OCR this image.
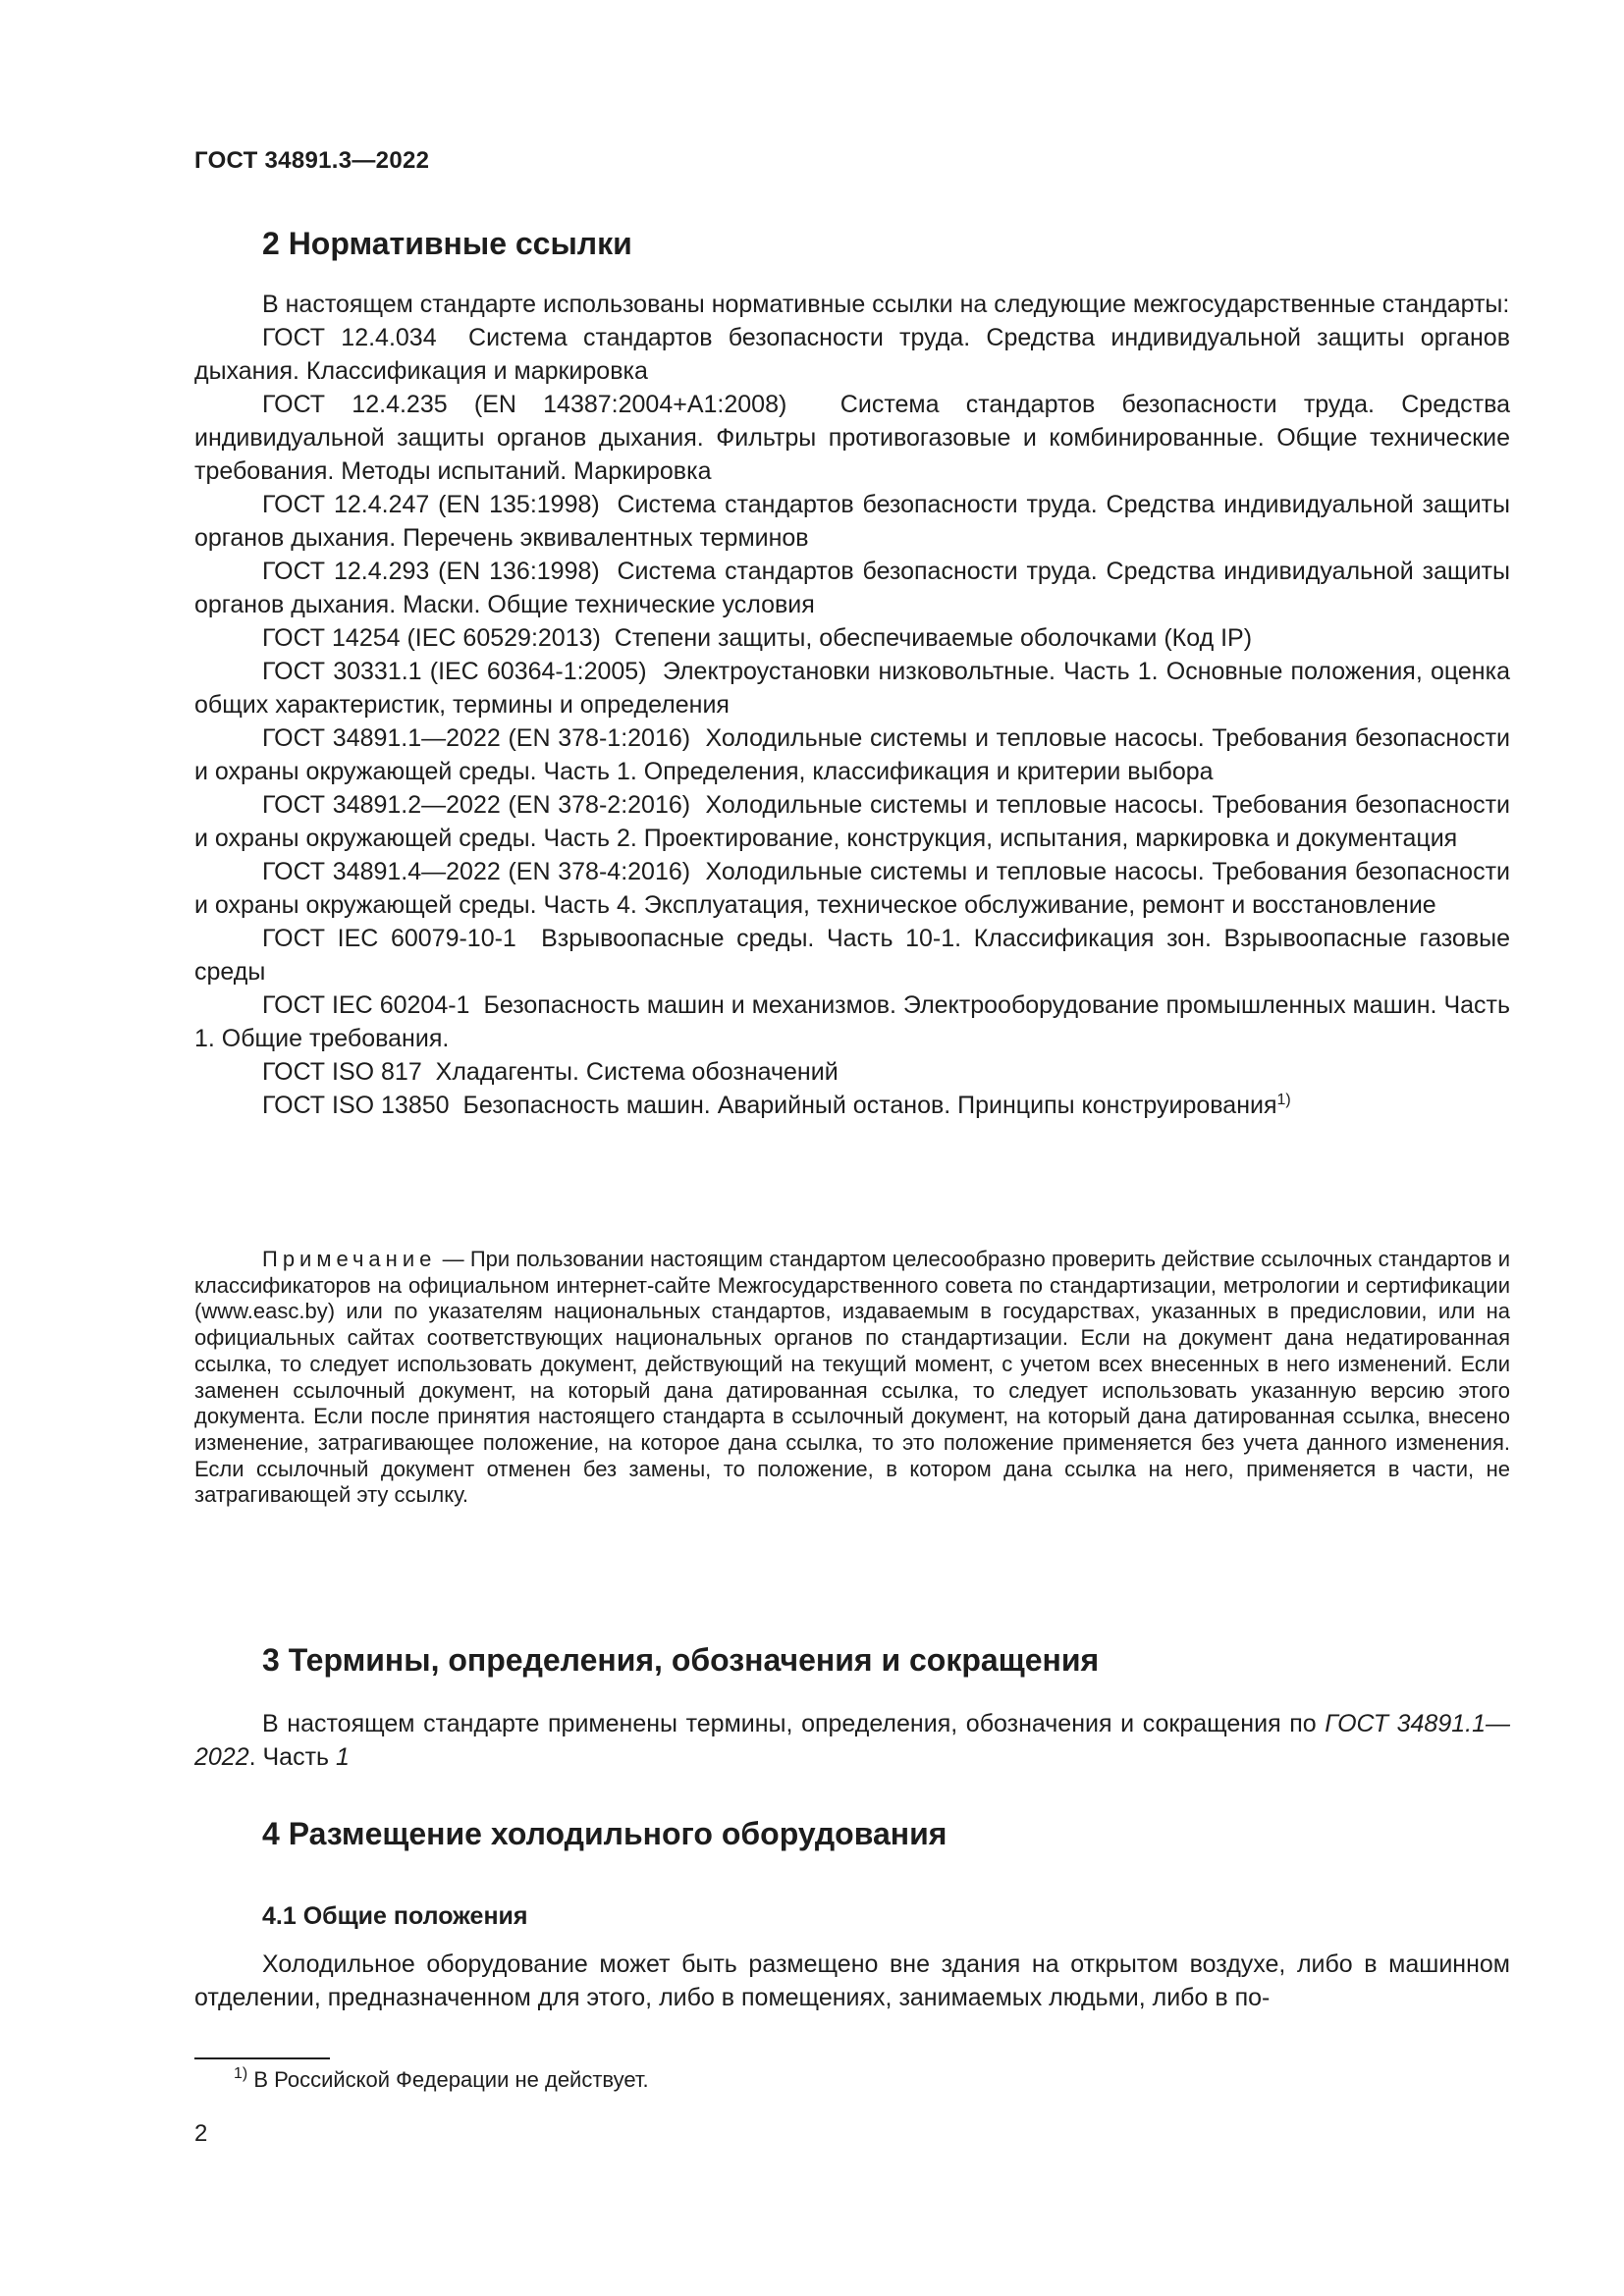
ГОСТ 34891.3—2022
2 Нормативные ссылки

В настоящем стандарте использованы нормативные ссылки на следующие межгосударственные стандарты:

ГОСТ 12.4.034 Система стандартов безопасности труда. Средства индивидуальной защиты органов дыхания. Классификация и маркировка

ГОСТ 12.4.235 (EN 14387:2004+A1:2008) Система стандартов безопасности труда. Средства индивидуальной защиты органов дыхания. Фильтры противогазовые и комбинированные. Общие технические требования. Методы испытаний. Маркировка

ГОСТ 12.4.247 (EN 135:1998) Система стандартов безопасности труда. Средства индивидуальной защиты органов дыхания. Перечень эквивалентных терминов

ГОСТ 12.4.293 (EN 136:1998) Система стандартов безопасности труда. Средства индивидуальной защиты органов дыхания. Маски. Общие технические условия

ГОСТ 14254 (IEC 60529:2013) Степени защиты, обеспечиваемые оболочками (Код IP)

ГОСТ 30331.1 (IEC 60364-1:2005) Электроустановки низковольтные. Часть 1. Основные положения, оценка общих характеристик, термины и определения

ГОСТ 34891.1—2022 (EN 378-1:2016) Холодильные системы и тепловые насосы. Требования безопасности и охраны окружающей среды. Часть 1. Определения, классификация и критерии выбора

ГОСТ 34891.2—2022 (EN 378-2:2016) Холодильные системы и тепловые насосы. Требования безопасности и охраны окружающей среды. Часть 2. Проектирование, конструкция, испытания, маркировка и документация

ГОСТ 34891.4—2022 (EN 378-4:2016) Холодильные системы и тепловые насосы. Требования безопасности и охраны окружающей среды. Часть 4. Эксплуатация, техническое обслуживание, ремонт и восстановление

ГОСТ IEC 60079-10-1 Взрывоопасные среды. Часть 10-1. Классификация зон. Взрывоопасные газовые среды

ГОСТ IEC 60204-1 Безопасность машин и механизмов. Электрооборудование промышленных машин. Часть 1. Общие требования.

ГОСТ ISO 817 Хладагенты. Система обозначений

ГОСТ ISO 13850 Безопасность машин. Аварийный останов. Принципы конструирования$^{1)}$

Примечание — При пользовании настоящим стандартом целесообразно проверить действие ссылочных стандартов и классификаторов на официальном интернет-сайте Межгосударственного совета по стандартизации, метрологии и сертификации (www.easc.by) или по указателям национальных стандартов, издаваемым в государствах, указанных в предисловии, или на официальных сайтах соответствующих национальных органов по стандартизации. Если на документ дана недатированная ссылка, то следует использовать документ, действующий на текущий момент, с учетом всех внесенных в него изменений. Если заменен ссылочный документ, на который дана датированная ссылка, то следует использовать указанную версию этого документа. Если после принятия настоящего стандарта в ссылочный документ, на который дана датированная ссылка, внесено изменение, затрагивающее положение, на которое дана ссылка, то это положение применяется без учета данного изменения. Если ссылочный документ отменен без замены, то положение, в котором дана ссылка на него, применяется в части, не затрагивающей эту ссылку.

3 Термины, определения, обозначения и сокращения

В настоящем стандарте применены термины, определения, обозначения и сокращения по ГОСТ 34891.1—2022. Часть 1

4 Размещение холодильного оборудования
4.1 Общие положения

Холодильное оборудование может быть размещено вне здания на открытом воздухе, либо в машинном отделении, предназначенном для этого, либо в помещениях, занимаемых людьми, либо в по-

$^{1)}$ В Российской Федерации не действует.
2
